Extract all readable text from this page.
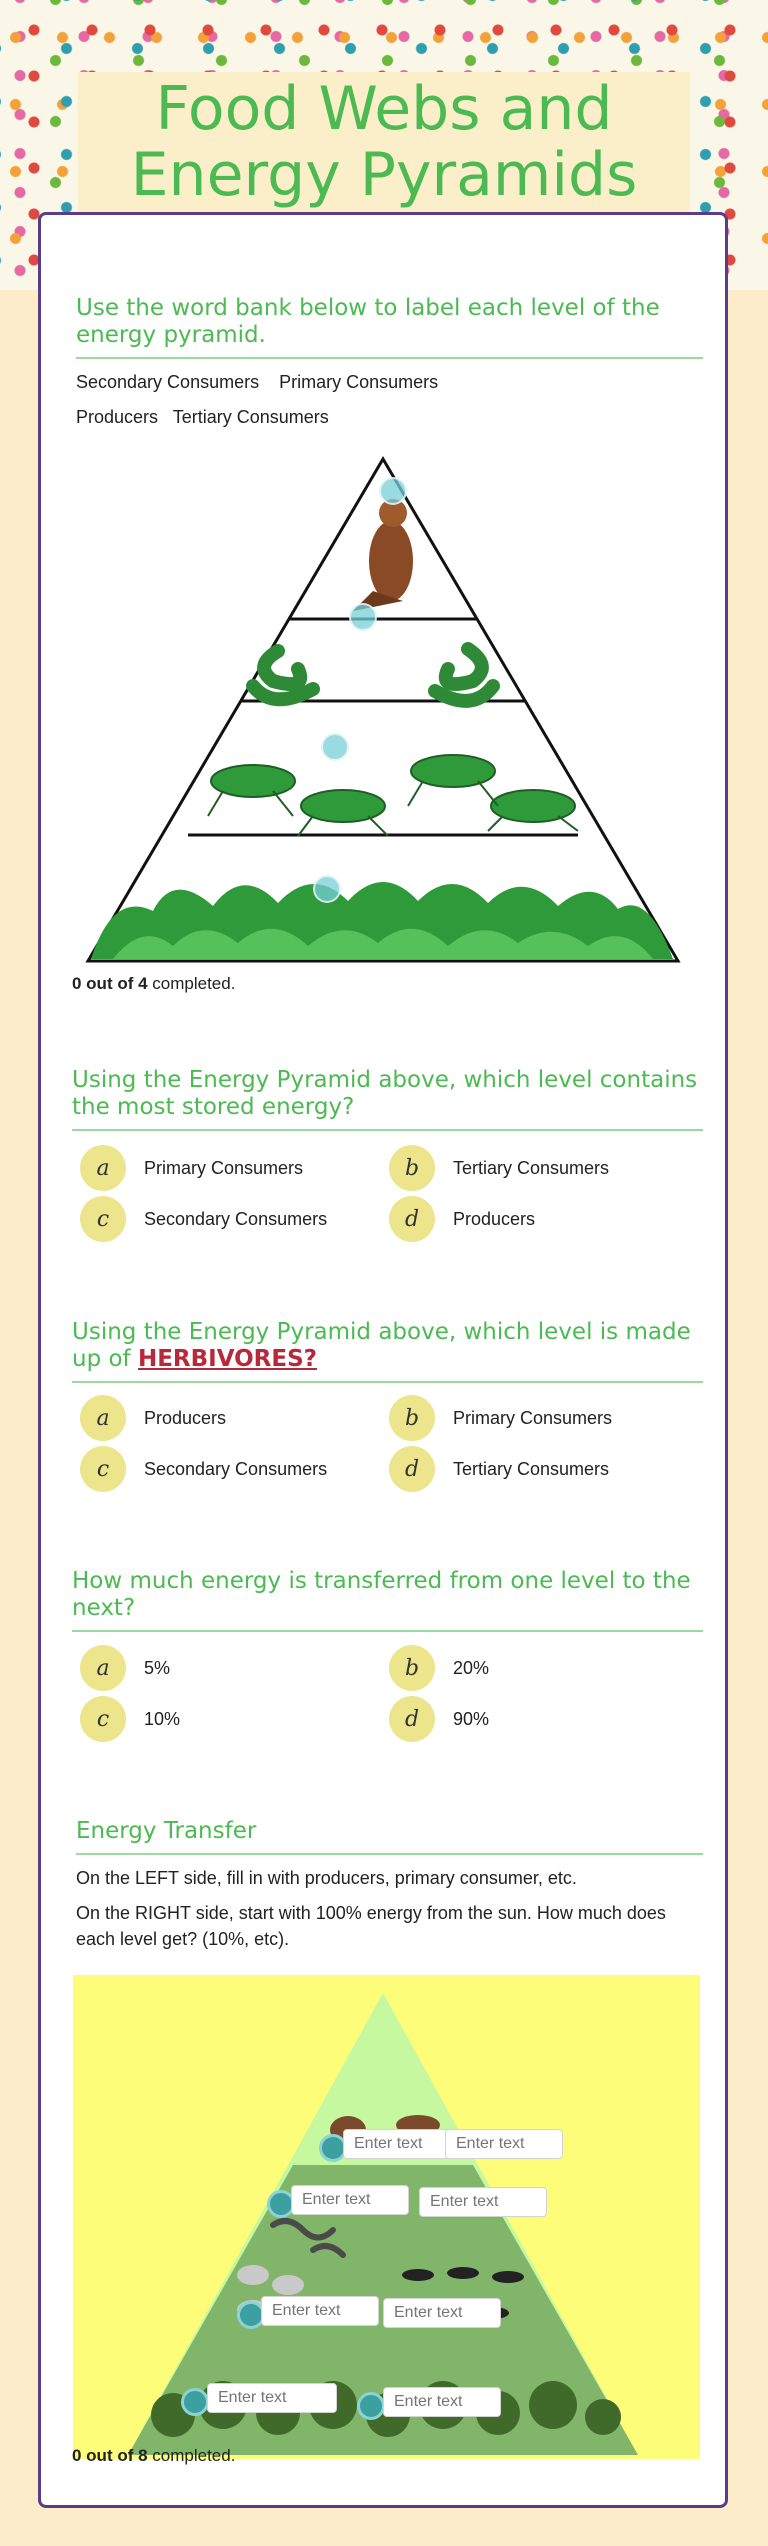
Food Webs and Energy Pyramids
Use the word bank below to label each level of the energy pyramid.
Secondary Consumers    Primary Consumers
Producers   Tertiary Consumers
0 out of 4 completed.
Using the Energy Pyramid above, which level contains the most stored energy?
a	Primary Consumers	b	Tertiary Consumers
c	Secondary Consumers	d	Producers
Using the Energy Pyramid above, which level is made up of HERBIVORES?
a	Producers	b	Primary Consumers
c	Secondary Consumers	d	Tertiary Consumers
How much energy is transferred from one level to the next?
a	5%	b	20%
c	10%	d	90%
Energy Transfer
On the LEFT side, fill in with producers, primary consumer, etc.
On the RIGHT side, start with 100% energy from the sun. How much does each level get? (10%, etc).
Enter text
Enter text
Enter text
Enter text
Enter text
Enter text
Enter text
Enter text
0 out of 8 completed.
